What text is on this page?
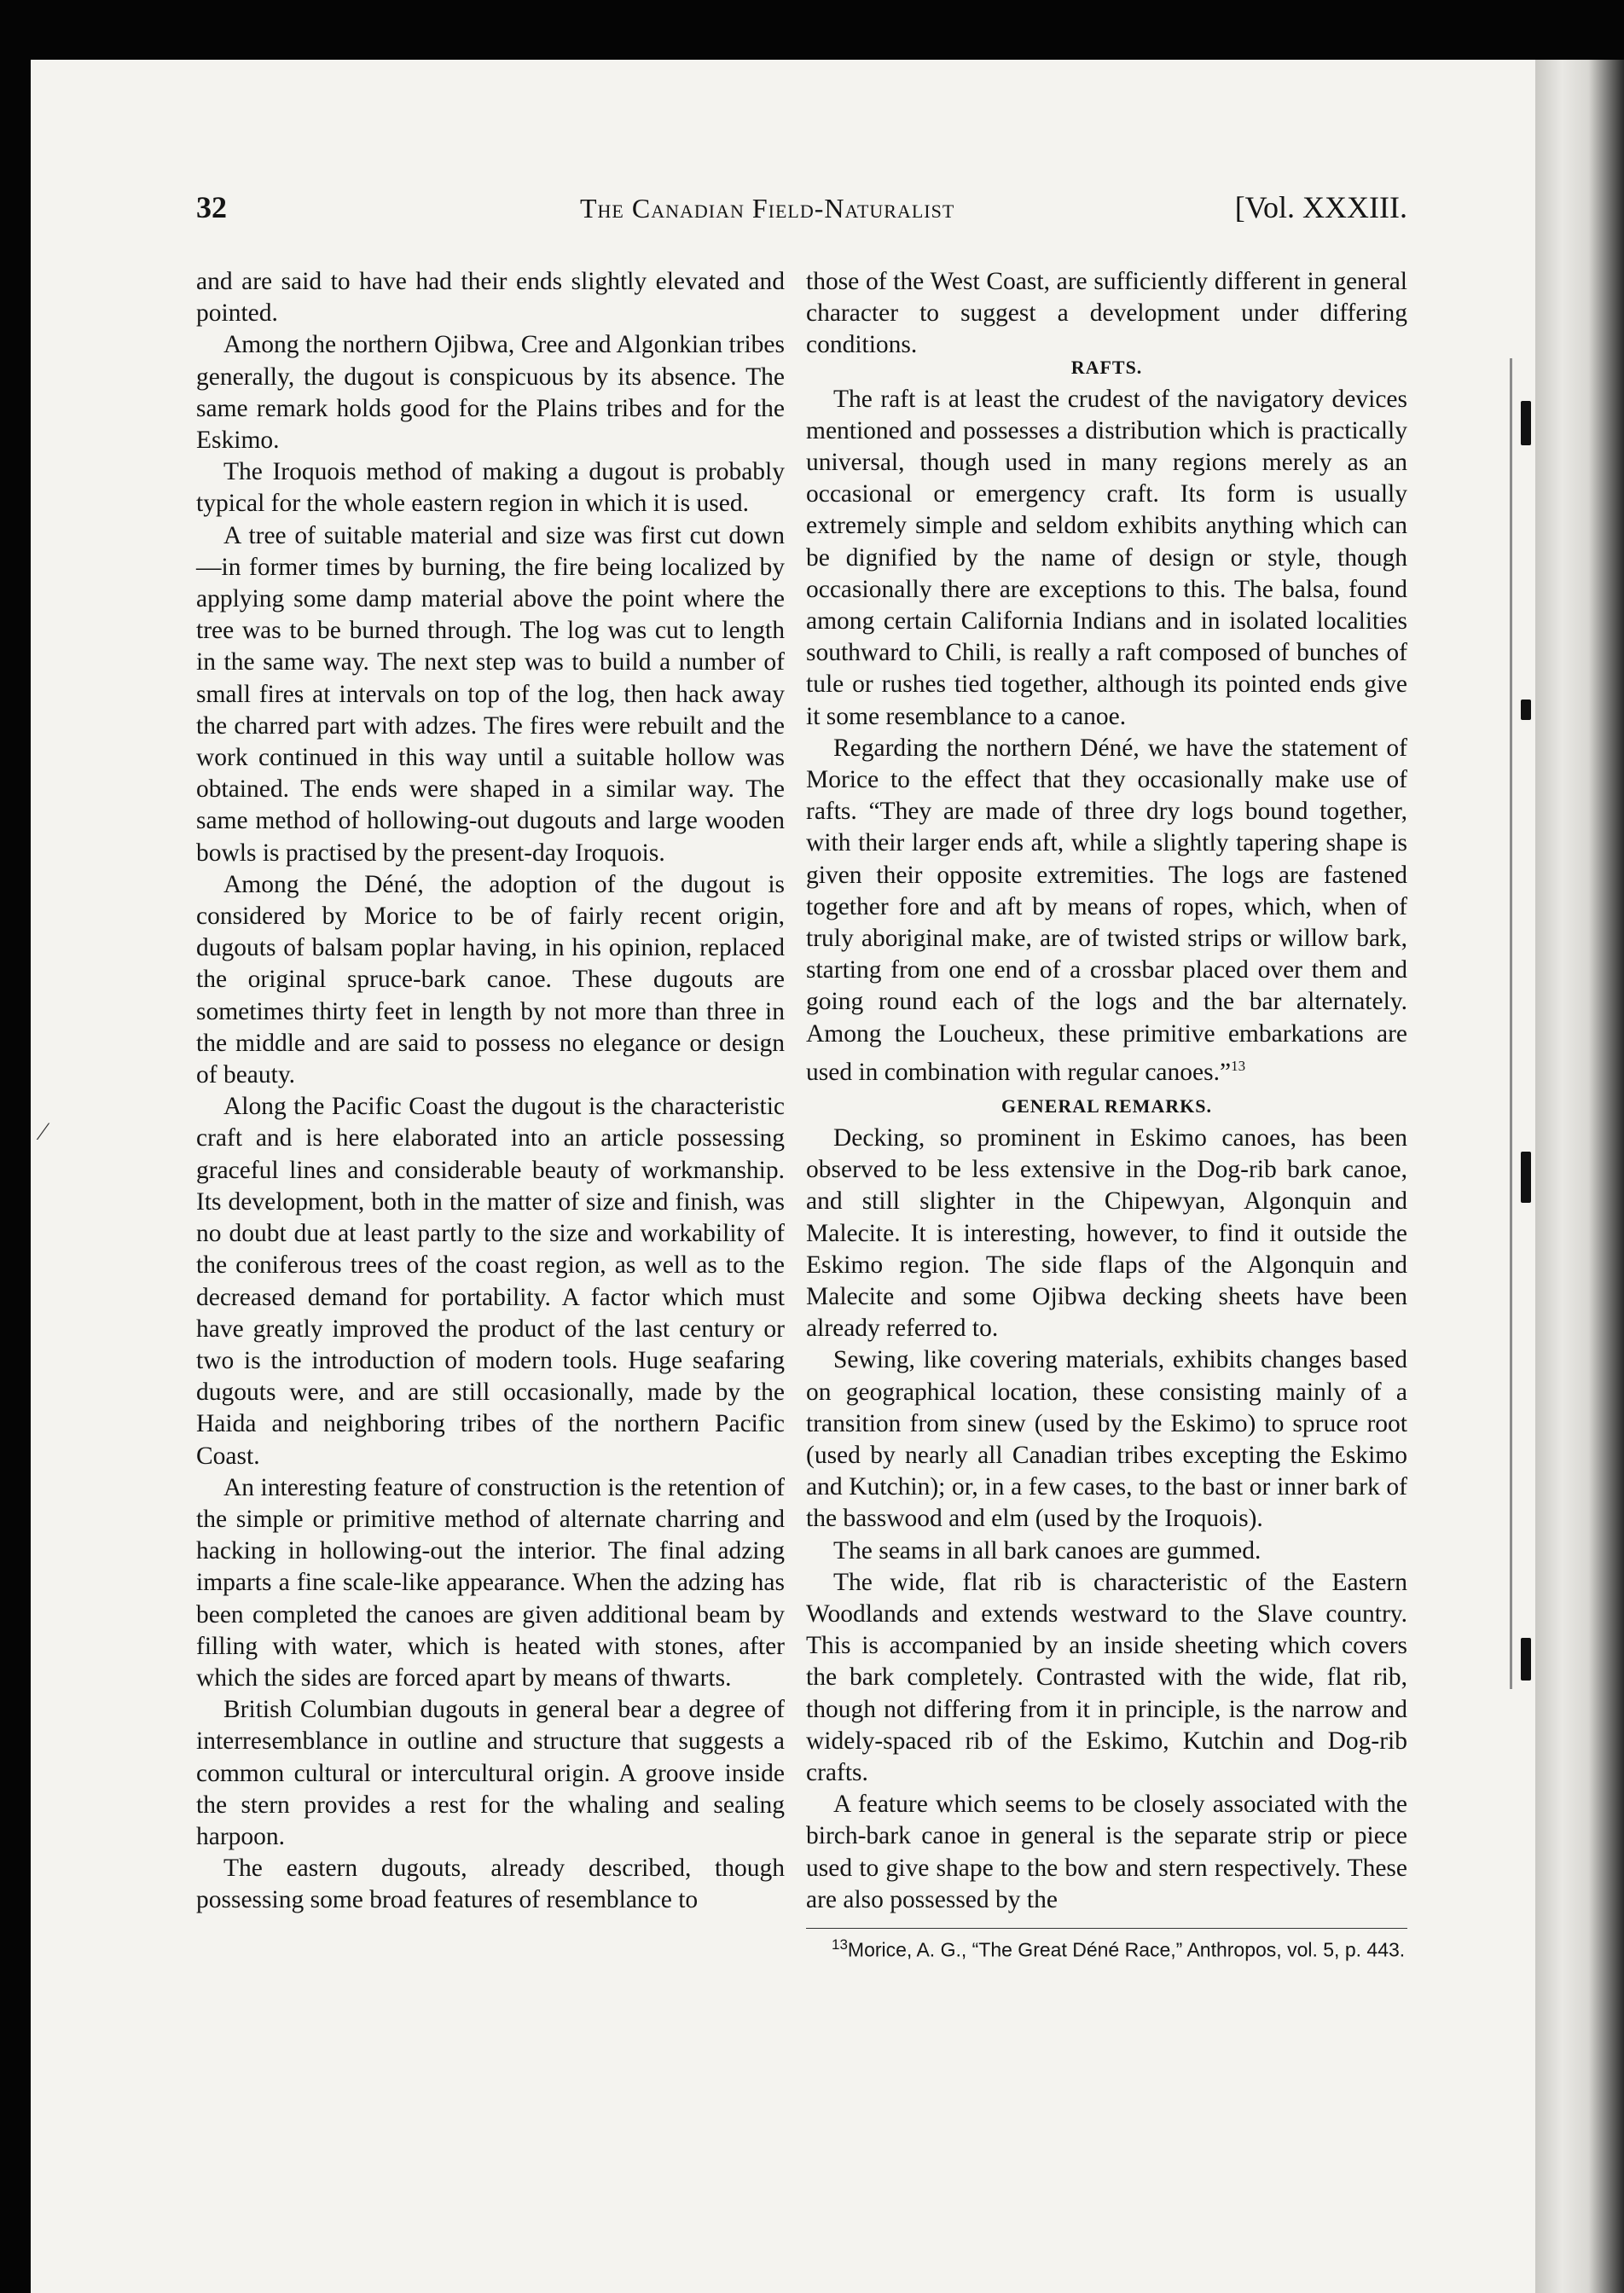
⁄
32	The Canadian Field-Naturalist	[Vol. XXXIII.

and are said to have had their ends slightly elevated and pointed.

Among the northern Ojibwa, Cree and Algonkian tribes generally, the dugout is conspicuous by its absence. The same remark holds good for the Plains tribes and for the Eskimo.

The Iroquois method of making a dugout is probably typical for the whole eastern region in which it is used.

A tree of suitable material and size was first cut down—in former times by burning, the fire being localized by applying some damp material above the point where the tree was to be burned through. The log was cut to length in the same way. The next step was to build a number of small fires at intervals on top of the log, then hack away the charred part with adzes. The fires were rebuilt and the work continued in this way until a suitable hollow was obtained. The ends were shaped in a similar way. The same method of hollowing-out dugouts and large wooden bowls is practised by the present-day Iroquois.

Among the Déné, the adoption of the dugout is considered by Morice to be of fairly recent origin, dugouts of balsam poplar having, in his opinion, replaced the original spruce-bark canoe. These dugouts are sometimes thirty feet in length by not more than three in the middle and are said to possess no elegance or design of beauty.

Along the Pacific Coast the dugout is the characteristic craft and is here elaborated into an article possessing graceful lines and considerable beauty of workmanship. Its development, both in the matter of size and finish, was no doubt due at least partly to the size and workability of the coniferous trees of the coast region, as well as to the decreased demand for portability. A factor which must have greatly improved the product of the last century or two is the introduction of modern tools. Huge seafaring dugouts were, and are still occasionally, made by the Haida and neighboring tribes of the northern Pacific Coast.

An interesting feature of construction is the retention of the simple or primitive method of alternate charring and hacking in hollowing-out the interior. The final adzing imparts a fine scale-like appearance. When the adzing has been completed the canoes are given additional beam by filling with water, which is heated with stones, after which the sides are forced apart by means of thwarts.

British Columbian dugouts in general bear a degree of interresemblance in outline and structure that suggests a common cultural or intercultural origin. A groove inside the stern provides a rest for the whaling and sealing harpoon.

The eastern dugouts, already described, though possessing some broad features of resemblance to

those of the West Coast, are sufficiently different in general character to suggest a development under differing conditions.

RAFTS.

The raft is at least the crudest of the navigatory devices mentioned and possesses a distribution which is practically universal, though used in many regions merely as an occasional or emergency craft. Its form is usually extremely simple and seldom exhibits anything which can be dignified by the name of design or style, though occasionally there are exceptions to this. The balsa, found among certain California Indians and in isolated localities southward to Chili, is really a raft composed of bunches of tule or rushes tied together, although its pointed ends give it some resemblance to a canoe.

Regarding the northern Déné, we have the statement of Morice to the effect that they occasionally make use of rafts. “They are made of three dry logs bound together, with their larger ends aft, while a slightly tapering shape is given their opposite extremities. The logs are fastened together fore and aft by means of ropes, which, when of truly aboriginal make, are of twisted strips or willow bark, starting from one end of a crossbar placed over them and going round each of the logs and the bar alternately. Among the Loucheux, these primitive embarkations are used in combination with regular canoes.”$^{13}$

GENERAL REMARKS.

Decking, so prominent in Eskimo canoes, has been observed to be less extensive in the Dog-rib bark canoe, and still slighter in the Chipewyan, Algonquin and Malecite. It is interesting, however, to find it outside the Eskimo region. The side flaps of the Algonquin and Malecite and some Ojibwa decking sheets have been already referred to.

Sewing, like covering materials, exhibits changes based on geographical location, these consisting mainly of a transition from sinew (used by the Eskimo) to spruce root (used by nearly all Canadian tribes excepting the Eskimo and Kutchin); or, in a few cases, to the bast or inner bark of the basswood and elm (used by the Iroquois).

The seams in all bark canoes are gummed.

The wide, flat rib is characteristic of the Eastern Woodlands and extends westward to the Slave country. This is accompanied by an inside sheeting which covers the bark completely. Contrasted with the wide, flat rib, though not differing from it in principle, is the narrow and widely-spaced rib of the Eskimo, Kutchin and Dog-rib crafts.

A feature which seems to be closely associated with the birch-bark canoe in general is the separate strip or piece used to give shape to the bow and stern respectively. These are also possessed by the

$^{13}$Morice, A. G., “The Great Déné Race,” Anthropos, vol. 5, p. 443.
